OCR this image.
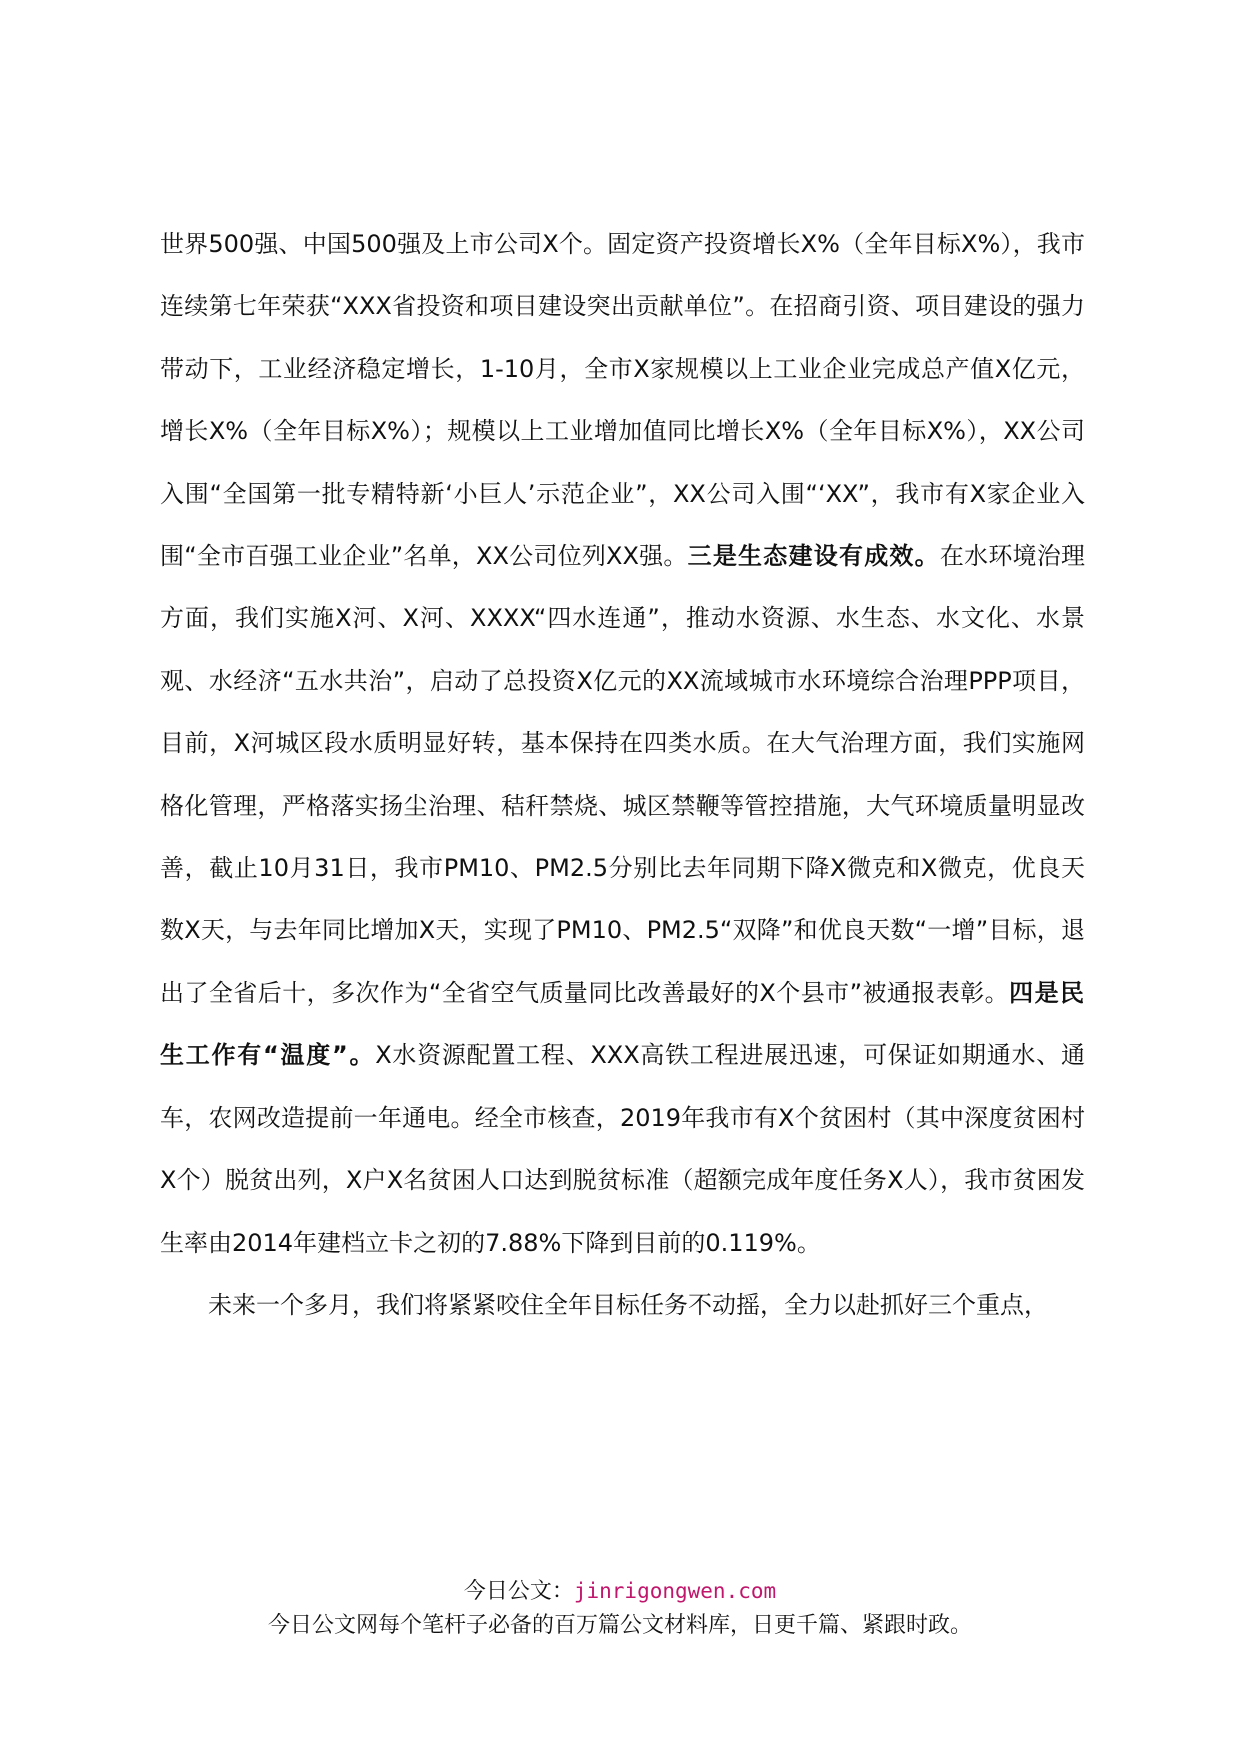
世界500强、中国500强及上市公司X个。固定资产投资增长X%（全年目标X%），我市连续第七年荣获“XXX省投资和项目建设突出贡献单位”。在招商引资、项目建设的强力带动下，工业经济稳定增长，1-10月，全市X家规模以上工业企业完成总产值X亿元，增长X%（全年目标X%）；规模以上工业增加值同比增长X%（全年目标X%），XX公司入围“全国第一批专精特新‘小巨人’示范企业”，XX公司入围“‘XX”，我市有X家企业入围“全市百强工业企业”名单，XX公司位列XX强。三是生态建设有成效。在水环境治理方面，我们实施X河、X河、XXXX“四水连通”，推动水资源、水生态、水文化、水景观、水经济“五水共治”，启动了总投资X亿元的XX流域城市水环境综合治理PPP项目，目前，X河城区段水质明显好转，基本保持在四类水质。在大气治理方面，我们实施网格化管理，严格落实扬尘治理、秸秆禁烧、城区禁鞭等管控措施，大气环境质量明显改善，截止10月31日，我市PM10、PM2.5分别比去年同期下降X微克和X微克，优良天数X天，与去年同比增加X天，实现了PM10、PM2.5“双降”和优良天数“一增”目标，退出了全省后十，多次作为“全省空气质量同比改善最好的X个县市”被通报表彰。四是民生工作有“温度”。X水资源配置工程、XXX高铁工程进展迅速，可保证如期通水、通车，农网改造提前一年通电。经全市核查，2019年我市有X个贫困村（其中深度贫困村X个）脱贫出列，X户X名贫困人口达到脱贫标准（超额完成年度任务X人），我市贫困发生率由2014年建档立卡之初的7.88%下降到目前的0.119%。

未来一个多月，我们将紧紧咬住全年目标任务不动摇，全力以赴抓好三个重点，

今日公文：jinrigongwen.com
今日公文网每个笔杆子必备的百万篇公文材料库，日更千篇、紧跟时政。
